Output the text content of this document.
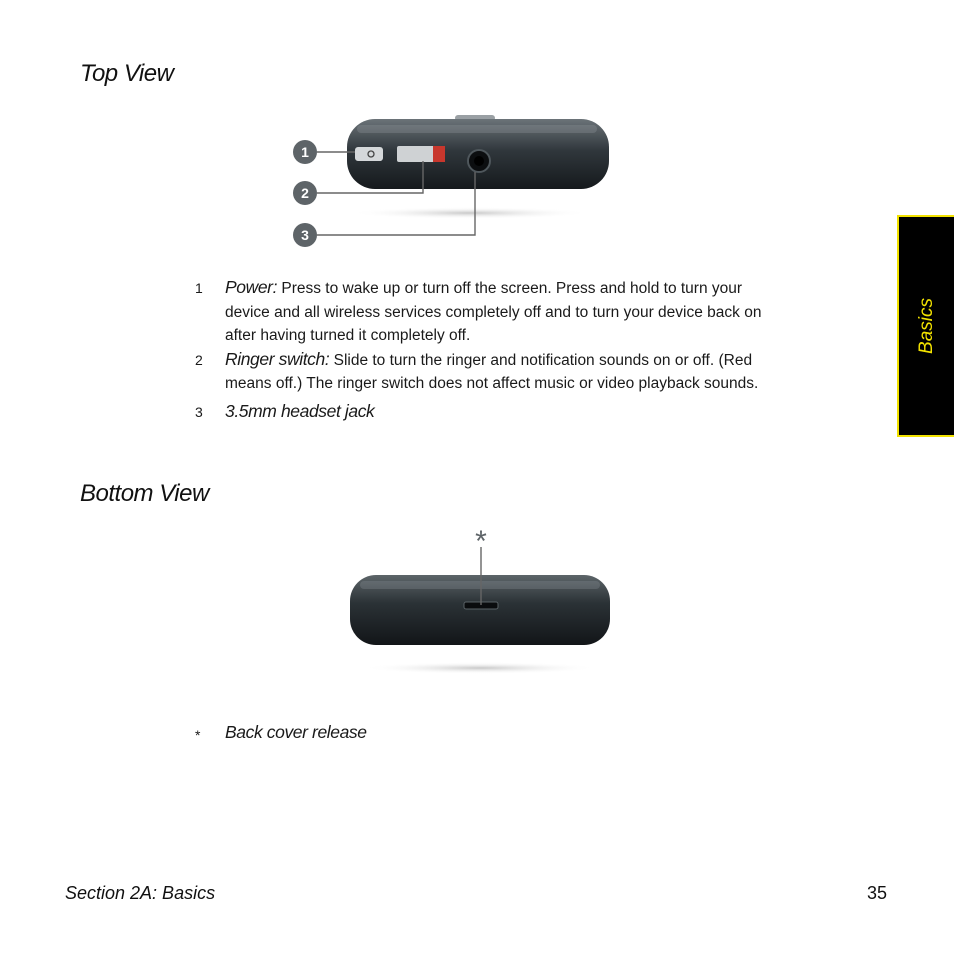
Top View
1
2
3
1 Power: Press to wake up or turn off the screen. Press and hold to turn your device and all wireless services completely off and to turn your device back on after having turned it completely off.
2 Ringer switch: Slide to turn the ringer and notification sounds on or off. (Red means off.) The ringer switch does not affect music or video playback sounds.
3 3.5mm headset jack
Bottom View
*
* Back cover release
Basics
Section 2A: Basics	35
